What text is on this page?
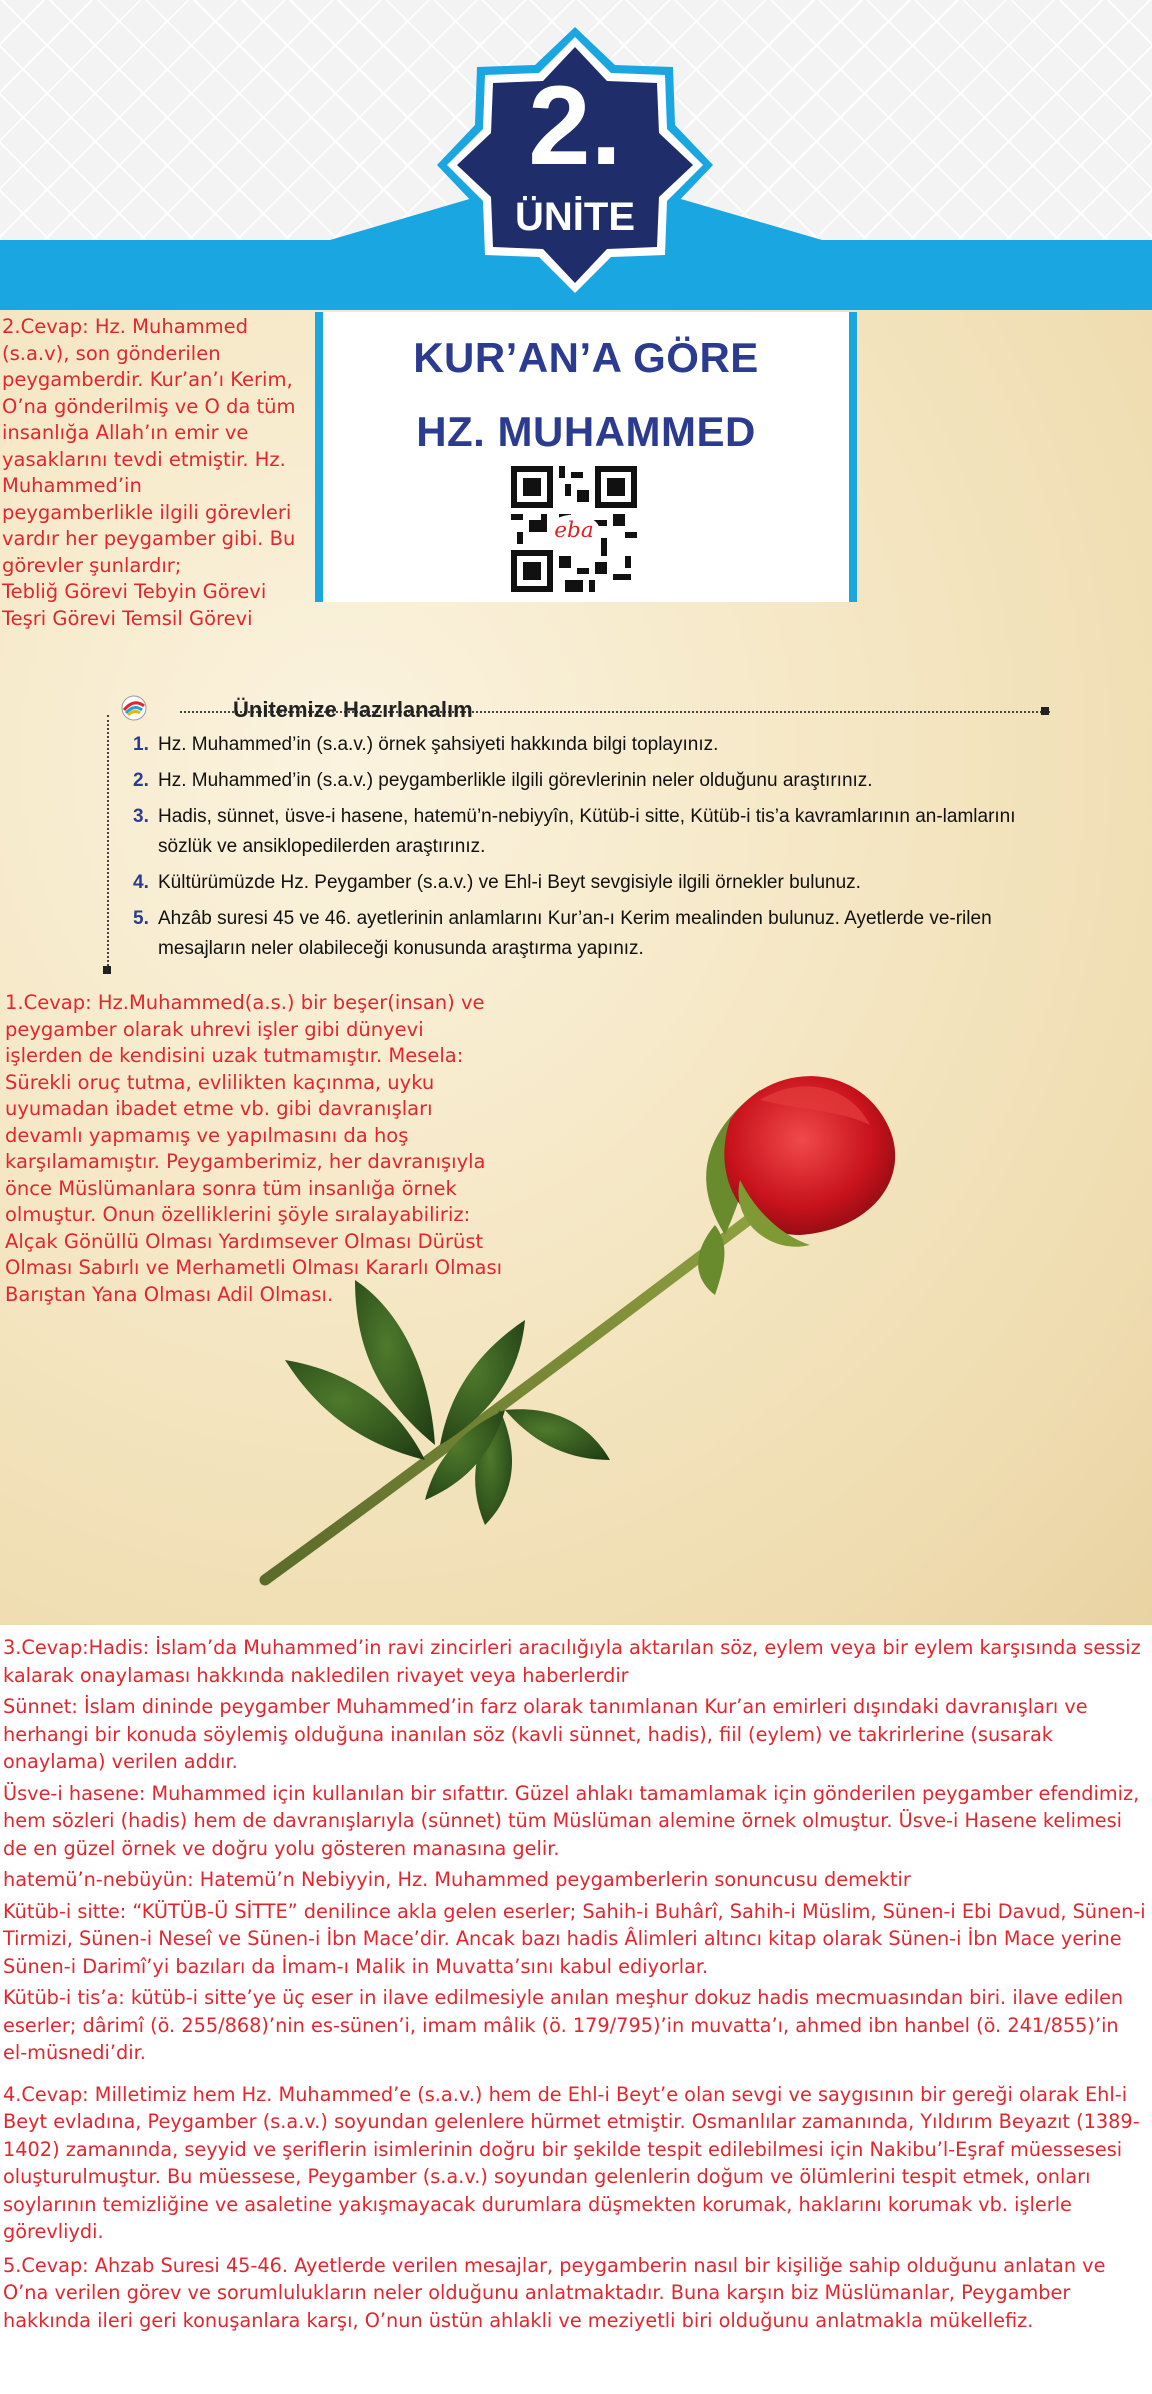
KUR’AN’A GÖRE
HZ. MUHAMMED
eba
2.
ÜNİTE
2.Cevap: Hz. Muhammed
(s.a.v), son gönderilen
peygamberdir. Kur’an’ı Kerim,
O’na gönderilmiş ve O da tüm
insanlığa Allah’ın emir ve
yasaklarını tevdi etmiştir. Hz.
Muhammed’in
peygamberlikle ilgili görevleri
vardır her peygamber gibi. Bu
görevler şunlardır;
Tebliğ Görevi Tebyin Görevi
Teşri Görevi Temsil Görevi
Ünitemize Hazırlanalım
1. Hz. Muhammed’in (s.a.v.) örnek şahsiyeti hakkında bilgi toplayınız.
2. Hz. Muhammed’in (s.a.v.) peygamberlikle ilgili görevlerinin neler olduğunu araştırınız.
3. Hadis, sünnet, üsve-i hasene, hatemü’n-nebiyyîn, Kütüb-i sitte, Kütüb-i tis’a kavramlarının an-lamlarını sözlük ve ansiklopedilerden araştırınız.
4. Kültürümüzde Hz. Peygamber (s.a.v.) ve Ehl-i Beyt sevgisiyle ilgili örnekler bulunuz.
5. Ahzâb suresi 45 ve 46. ayetlerinin anlamlarını Kur’an-ı Kerim mealinden bulunuz. Ayetlerde ve-rilen mesajların neler olabileceği konusunda araştırma yapınız.
1.Cevap: Hz.Muhammed(a.s.) bir beşer(insan) ve
peygamber olarak uhrevi işler gibi dünyevi
işlerden de kendisini uzak tutmamıştır. Mesela:
Sürekli oruç tutma, evlilikten kaçınma, uyku
uyumadan ibadet etme vb. gibi davranışları
devamlı yapmamış ve yapılmasını da hoş
karşılamamıştır. Peygamberimiz, her davranışıyla
önce Müslümanlara sonra tüm insanlığa örnek
olmuştur. Onun özelliklerini şöyle sıralayabiliriz:
Alçak Gönüllü Olması Yardımsever Olması Dürüst
Olması Sabırlı ve Merhametli Olması Kararlı Olması
Barıştan Yana Olması Adil Olması.

3.Cevap:Hadis: İslam’da Muhammed’in ravi zincirleri aracılığıyla aktarılan söz, eylem veya bir eylem karşısında sessiz kalarak onaylaması hakkında nakledilen rivayet veya haberlerdir

Sünnet: İslam dininde peygamber Muhammed’in farz olarak tanımlanan Kur’an emirleri dışındaki davranışları ve herhangi bir konuda söylemiş olduğuna inanılan söz (kavli sünnet, hadis), fiil (eylem) ve takrirlerine (susarak onaylama) verilen addır.

Üsve-i hasene: Muhammed için kullanılan bir sıfattır. Güzel ahlakı tamamlamak için gönderilen peygamber efendimiz, hem sözleri (hadis) hem de davranışlarıyla (sünnet) tüm Müslüman alemine örnek olmuştur. Üsve-i Hasene kelimesi de en güzel örnek ve doğru yolu gösteren manasına gelir.

hatemü’n-nebüyün: Hatemü’n Nebiyyin, Hz. Muhammed peygamberlerin sonuncusu demektir

Kütüb-i sitte: “KÜTÜB-Ü SİTTE” denilince akla gelen eserler; Sahih-i Buhârî, Sahih-i Müslim, Sünen-i Ebi Davud, Sünen-i Tirmizi, Sünen-i Neseî ve Sünen-i İbn Mace’dir. Ancak bazı hadis Âlimleri altıncı kitap olarak Sünen-i İbn Mace yerine Sünen-i Darimî’yi bazıları da İmam-ı Malik in Muvatta’sını kabul ediyorlar.

Kütüb-i tis’a: kütüb-i sitte’ye üç eser in ilave edilmesiyle anılan meşhur dokuz hadis mecmuasından biri. ilave edilen eserler; dârimî (ö. 255/868)’nin es-sünen’i, imam mâlik (ö. 179/795)’in muvatta’ı, ahmed ibn hanbel (ö. 241/855)’in el-müsnedi’dir.

4.Cevap: Milletimiz hem Hz. Muhammed’e (s.a.v.) hem de Ehl-i Beyt’e olan sevgi ve saygısının bir gereği olarak Ehl-i Beyt evladına, Peygamber (s.a.v.) soyundan gelenlere hürmet etmiştir. Osmanlılar zamanında, Yıldırım Beyazıt (1389-1402) zamanında, seyyid ve şeriflerin isimlerinin doğru bir şekilde tespit edilebilmesi için Nakibu’l-Eşraf müessesesi oluşturulmuştur. Bu müessese, Peygamber (s.a.v.) soyundan gelenlerin doğum ve ölümlerini tespit etmek, onları soylarının temizliğine ve asaletine yakışmayacak durumlara düşmekten korumak, haklarını korumak vb. işlerle görevliydi.

5.Cevap: Ahzab Suresi 45-46. Ayetlerde verilen mesajlar, peygamberin nasıl bir kişiliğe sahip olduğunu anlatan ve O’na verilen görev ve sorumlulukların neler olduğunu anlatmaktadır. Buna karşın biz Müslümanlar, Peygamber hakkında ileri geri konuşanlara karşı, O’nun üstün ahlakli ve meziyetli biri olduğunu anlatmakla mükellefiz.
